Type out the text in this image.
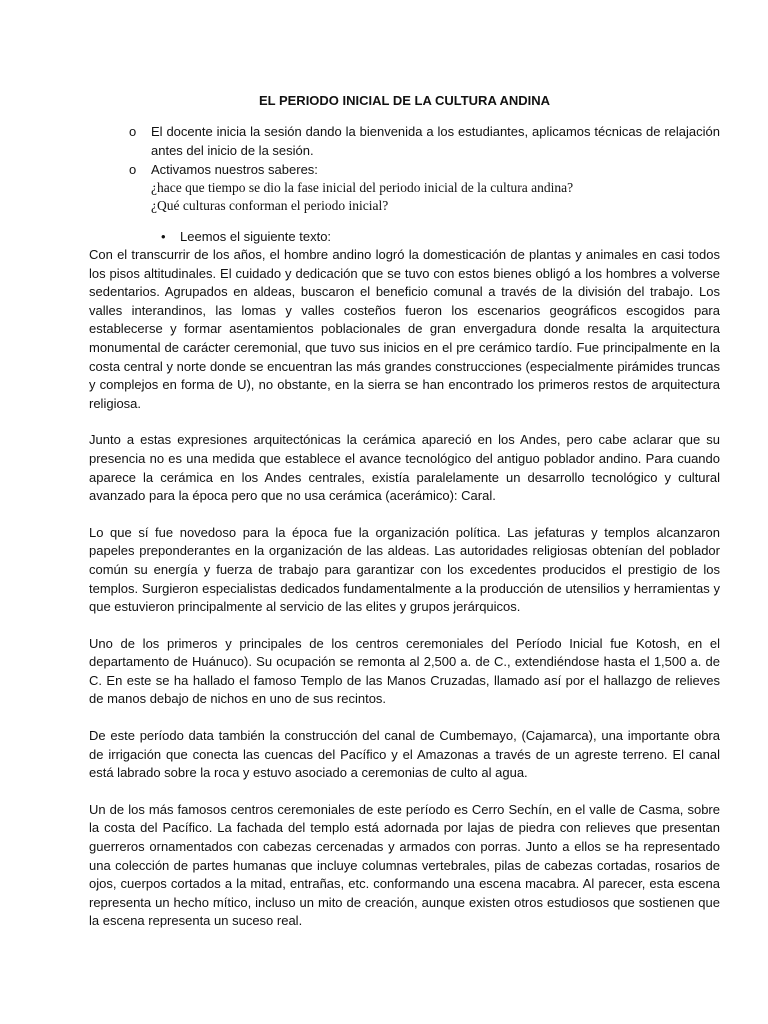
EL PERIODO INICIAL DE LA CULTURA ANDINA
o El docente inicia la sesión dando la bienvenida a los estudiantes, aplicamos técnicas de relajación antes del inicio de la sesión.
o Activamos nuestros saberes:
¿hace que tiempo se dio la fase inicial del periodo inicial de la cultura andina?
¿Qué culturas conforman el periodo inicial?
• Leemos el siguiente texto:

Con el transcurrir de los años, el hombre andino logró la domesticación de plantas y animales en casi todos los pisos altitudinales. El cuidado y dedicación que se tuvo con estos bienes obligó a los hombres a volverse sedentarios. Agrupados en aldeas, buscaron el beneficio comunal a través de la división del trabajo. Los valles interandinos, las lomas y valles costeños fueron los escenarios geográficos escogidos para establecerse y formar asentamientos poblacionales de gran envergadura donde resalta la arquitectura monumental de carácter ceremonial, que tuvo sus inicios en el pre cerámico tardío. Fue principalmente en la costa central y norte donde se encuentran las más grandes construcciones (especialmente pirámides truncas y complejos en forma de U), no obstante, en la sierra se han encontrado los primeros restos de arquitectura religiosa.

Junto a estas expresiones arquitectónicas la cerámica apareció en los Andes, pero cabe aclarar que su presencia no es una medida que establece el avance tecnológico del antiguo poblador andino. Para cuando aparece la cerámica en los Andes centrales, existía paralelamente un desarrollo tecnológico y cultural avanzado para la época pero que no usa cerámica (acerámico): Caral.

Lo que sí fue novedoso para la época fue la organización política. Las jefaturas y templos alcanzaron papeles preponderantes en la organización de las aldeas. Las autoridades religiosas obtenían del poblador común su energía y fuerza de trabajo para garantizar con los excedentes producidos el prestigio de los templos. Surgieron especialistas dedicados fundamentalmente a la producción de utensilios y herramientas y que estuvieron principalmente al servicio de las elites y grupos jerárquicos.

Uno de los primeros y principales de los centros ceremoniales del Período Inicial fue Kotosh, en el departamento de Huánuco). Su ocupación se remonta al 2,500 a. de C., extendiéndose hasta el 1,500 a. de C. En este se ha hallado el famoso Templo de las Manos Cruzadas, llamado así por el hallazgo de relieves de manos debajo de nichos en uno de sus recintos.

De este período data también la construcción del canal de Cumbemayo, (Cajamarca), una importante obra de irrigación que conecta las cuencas del Pacífico y el Amazonas a través de un agreste terreno. El canal está labrado sobre la roca y estuvo asociado a ceremonias de culto al agua.

Un de los más famosos centros ceremoniales de este período es Cerro Sechín, en el valle de Casma, sobre la costa del Pacífico. La fachada del templo está adornada por lajas de piedra con relieves que presentan guerreros ornamentados con cabezas cercenadas y armados con porras. Junto a ellos se ha representado una colección de partes humanas que incluye columnas vertebrales, pilas de cabezas cortadas, rosarios de ojos, cuerpos cortados a la mitad, entrañas, etc. conformando una escena macabra. Al parecer, esta escena representa un hecho mítico, incluso un mito de creación, aunque existen otros estudiosos que sostienen que la escena representa un suceso real.
